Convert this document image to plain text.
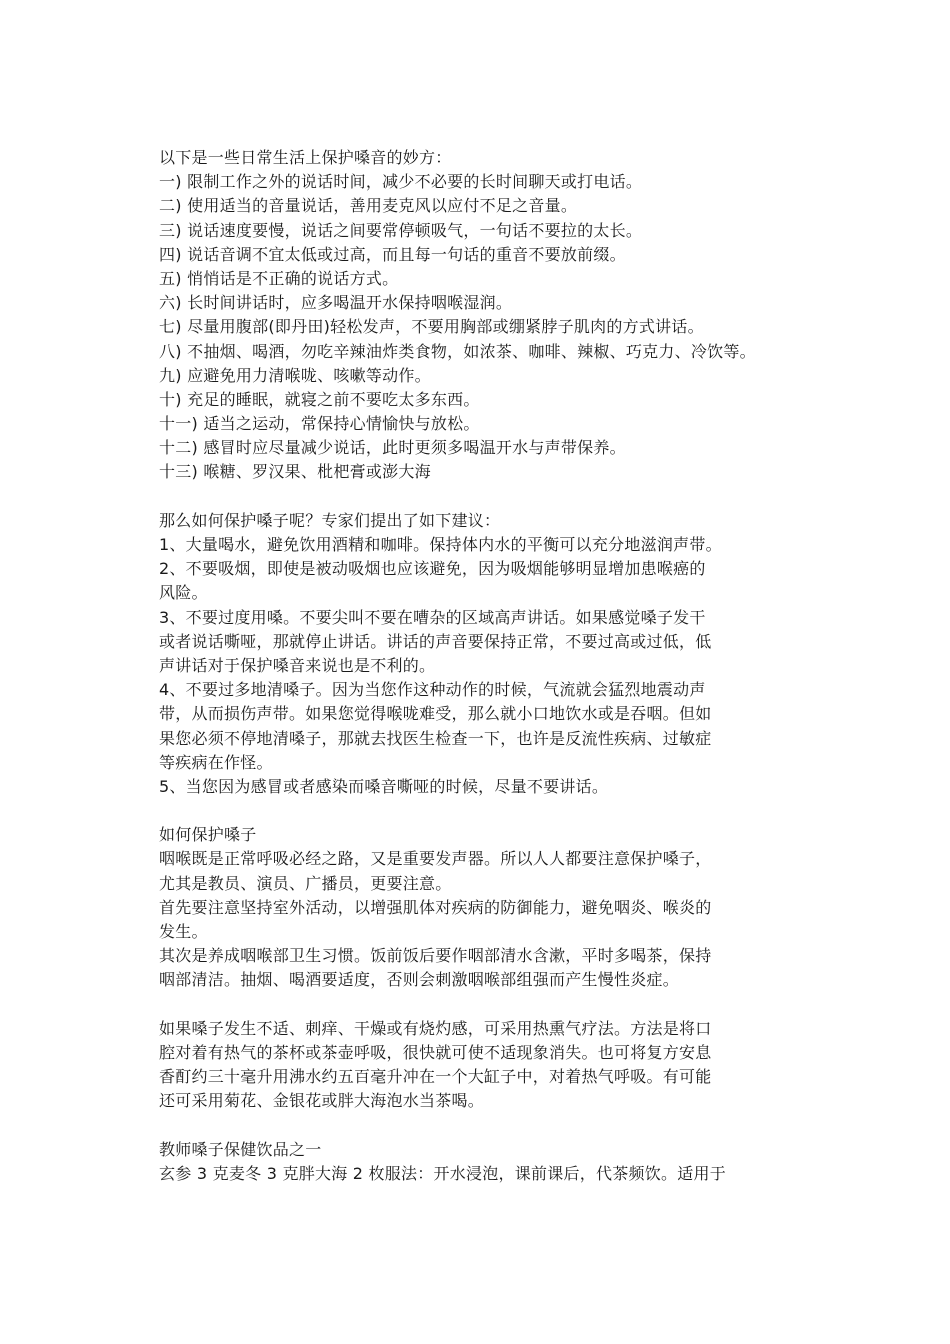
以下是一些日常生活上保护嗓音的妙方：
一) 限制工作之外的说话时间，减少不必要的长时间聊天或打电话。
二) 使用适当的音量说话，善用麦克风以应付不足之音量。
三) 说话速度要慢，说话之间要常停顿吸气，一句话不要拉的太长。
四) 说话音调不宜太低或过高，而且每一句话的重音不要放前缀。
五) 悄悄话是不正确的说话方式。
六) 长时间讲话时，应多喝温开水保持咽喉湿润。
七) 尽量用腹部(即丹田)轻松发声，不要用胸部或绷紧脖子肌肉的方式讲话。
八) 不抽烟、喝酒，勿吃辛辣油炸类食物，如浓茶、咖啡、辣椒、巧克力、冷饮等。
九) 应避免用力清喉咙、咳嗽等动作。
十) 充足的睡眠，就寝之前不要吃太多东西。
十一) 适当之运动，常保持心情愉快与放松。
十二) 感冒时应尽量减少说话，此时更须多喝温开水与声带保养。
十三) 喉糖、罗汉果、枇杷膏或澎大海
那么如何保护嗓子呢？专家们提出了如下建议：
1、大量喝水，避免饮用酒精和咖啡。保持体内水的平衡可以充分地滋润声带。
2、不要吸烟，即使是被动吸烟也应该避免，因为吸烟能够明显增加患喉癌的
风险。
3、不要过度用嗓。不要尖叫不要在嘈杂的区域高声讲话。如果感觉嗓子发干
或者说话嘶哑，那就停止讲话。讲话的声音要保持正常，不要过高或过低，低
声讲话对于保护嗓音来说也是不利的。
4、不要过多地清嗓子。因为当您作这种动作的时候，气流就会猛烈地震动声
带，从而损伤声带。如果您觉得喉咙难受，那么就小口地饮水或是吞咽。但如
果您必须不停地清嗓子，那就去找医生检查一下，也许是反流性疾病、过敏症
等疾病在作怪。
5、当您因为感冒或者感染而嗓音嘶哑的时候，尽量不要讲话。
如何保护嗓子
咽喉既是正常呼吸必经之路，又是重要发声器。所以人人都要注意保护嗓子，
尤其是教员、演员、广播员，更要注意。
首先要注意坚持室外活动，以增强肌体对疾病的防御能力，避免咽炎、喉炎的
发生。
其次是养成咽喉部卫生习惯。饭前饭后要作咽部清水含漱，平时多喝茶，保持
咽部清洁。抽烟、喝酒要适度，否则会刺激咽喉部组强而产生慢性炎症。
如果嗓子发生不适、刺痒、干燥或有烧灼感，可采用热熏气疗法。方法是将口
腔对着有热气的茶杯或茶壶呼吸，很快就可使不适现象消失。也可将复方安息
香酊约三十毫升用沸水约五百毫升冲在一个大缸子中，对着热气呼吸。有可能
还可采用菊花、金银花或胖大海泡水当茶喝。
教师嗓子保健饮品之一
玄参 3 克麦冬 3 克胖大海 2 枚服法：开水浸泡，课前课后，代茶频饮。适用于
